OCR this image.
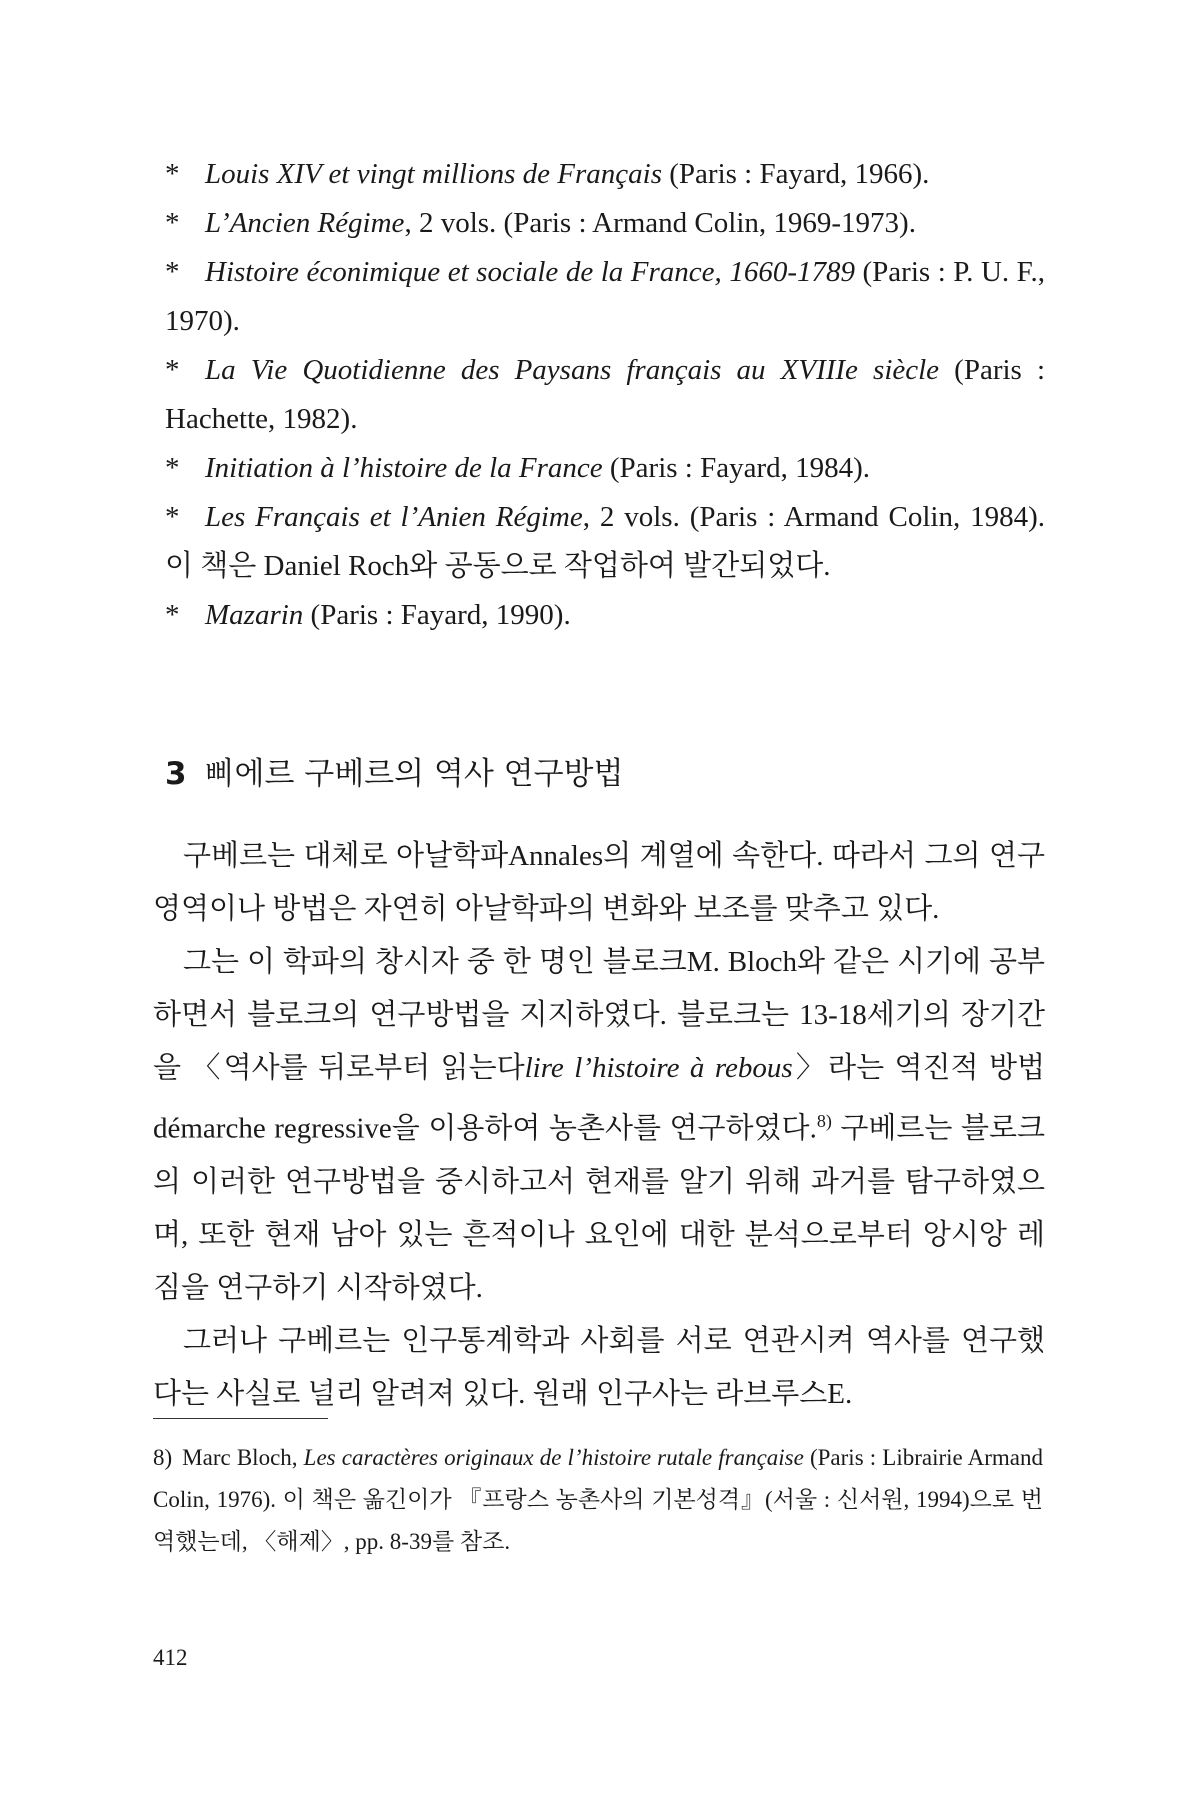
* Louis XIV et vingt millions de Français (Paris : Fayard, 1966).
* L’Ancien Régime, 2 vols. (Paris : Armand Colin, 1969-1973).
* Histoire éconimique et sociale de la France, 1660-1789 (Paris : P. U. F., 1970).
* La Vie Quotidienne des Paysans français au XVIIIe siècle (Paris : Hachette, 1982).
* Initiation à l’histoire de la France (Paris : Fayard, 1984).
* Les Français et l’Anien Régime, 2 vols. (Paris : Armand Colin, 1984). 이 책은 Daniel Roch와 공동으로 작업하여 발간되었다.
* Mazarin (Paris : Fayard, 1990).
3 삐에르 구베르의 역사 연구방법

구베르는 대체로 아날학파Annales의 계열에 속한다. 따라서 그의 연구영역이나 방법은 자연히 아날학파의 변화와 보조를 맞추고 있다.

그는 이 학파의 창시자 중 한 명인 블로크M. Bloch와 같은 시기에 공부하면서 블로크의 연구방법을 지지하였다. 블로크는 13-18세기의 장기간을 〈역사를 뒤로부터 읽는다lire l’histoire à rebous〉라는 역진적 방법démarche regressive을 이용하여 농촌사를 연구하였다.$^{8)}$ 구베르는 블로크의 이러한 연구방법을 중시하고서 현재를 알기 위해 과거를 탐구하였으며, 또한 현재 남아 있는 흔적이나 요인에 대한 분석으로부터 앙시앙 레짐을 연구하기 시작하였다.

그러나 구베르는 인구통계학과 사회를 서로 연관시켜 역사를 연구했다는 사실로 널리 알려져 있다. 원래 인구사는 라브루스E.

8) Marc Bloch, Les caractères originaux de l’histoire rutale française (Paris : Librairie Armand Colin, 1976). 이 책은 옮긴이가 『프랑스 농촌사의 기본성격』(서울 : 신서원, 1994)으로 번역했는데, 〈해제〉, pp. 8-39를 참조.
412
